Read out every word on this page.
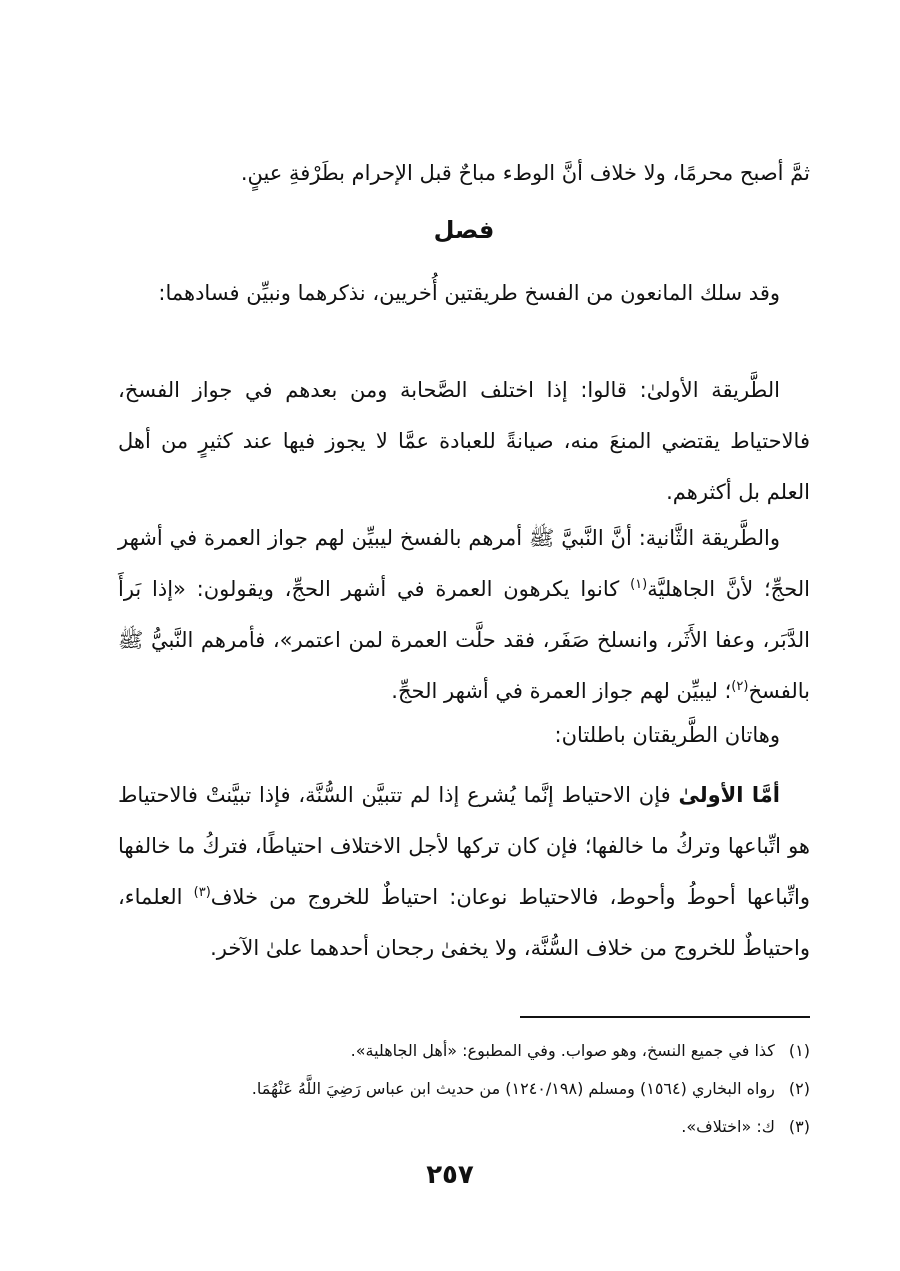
ثمَّ أصبح محرمًا، ولا خلاف أنَّ الوطء مباحٌ قبل الإحرام بطَرْفةِ عينٍ.

فصل

وقد سلك المانعون من الفسخ طريقتين أُخريين، نذكرهما ونبيِّن فسادهما:

الطَّريقة الأولىٰ: قالوا: إذا اختلف الصَّحابة ومن بعدهم في جواز الفسخ، فالاحتياط يقتضي المنعَ منه، صيانةً للعبادة عمَّا لا يجوز فيها عند كثيرٍ من أهل العلم بل أكثرهم.

والطَّريقة الثَّانية: أنَّ النَّبيَّ ﷺ أمرهم بالفسخ ليبيِّن لهم جواز العمرة في أشهر الحجِّ؛ لأنَّ الجاهليَّة$^{(١)}$ كانوا يكرهون العمرة في أشهر الحجِّ، ويقولون: «إذا بَرأَ الدَّبَر، وعفا الأَثَر، وانسلخ صَفَر، فقد حلَّت العمرة لمن اعتمر»، فأمرهم النَّبيُّ ﷺ بالفسخ$^{(٢)}$؛ ليبيِّن لهم جواز العمرة في أشهر الحجِّ.

وهاتان الطَّريقتان باطلتان:

أمَّا الأولىٰ فإن الاحتياط إنَّما يُشرع إذا لم تتبيَّن السُّنَّة، فإذا تبيَّنتْ فالاحتياط هو اتِّباعها وتركُ ما خالفها؛ فإن كان تركها لأجل الاختلاف احتياطًا، فتركُ ما خالفها واتِّباعها أحوطُ وأحوط، فالاحتياط نوعان: احتياطٌ للخروج من خلاف$^{(٣)}$ العلماء، واحتياطٌ للخروج من خلاف السُّنَّة، ولا يخفىٰ رجحان أحدهما علىٰ الآخر.

(١)كذا في جميع النسخ، وهو صواب. وفي المطبوع: «أهل الجاهلية».
(٢)رواه البخاري (١٥٦٤) ومسلم (١٢٤٠/١٩٨) من حديث ابن عباس رَضِيَ اللَّهُ عَنْهُمَا.
(٣)ك: «اختلاف».
٢٥٧
